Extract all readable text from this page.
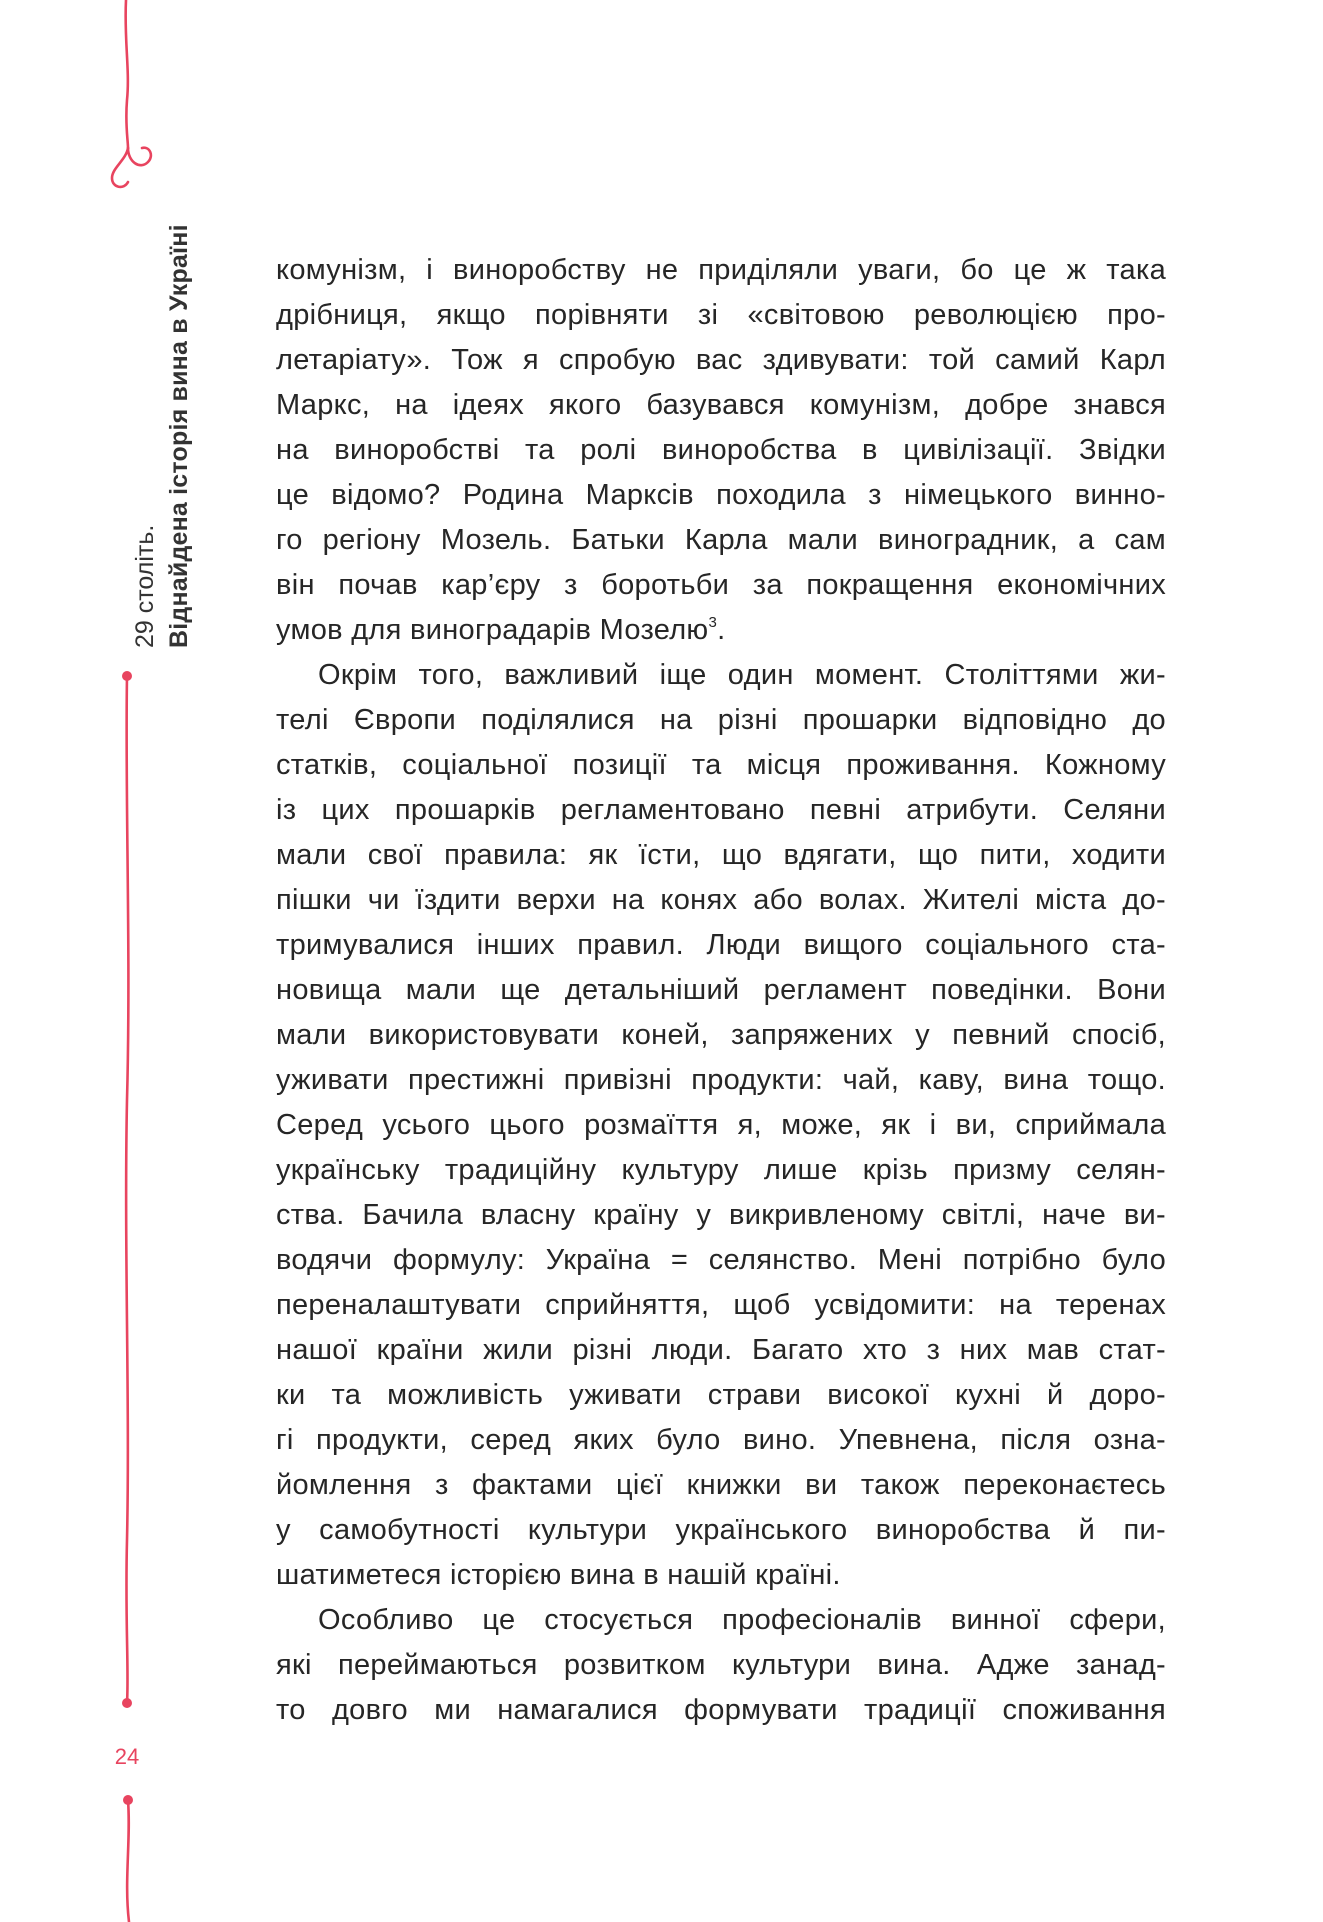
29 століть. Віднайдена історія вина в Україні
24
комунізм, і виноробству не приділяли уваги, бо це ж така
дрібниця, якщо порівняти зі «світовою революцією про-
летаріату». Тож я спробую вас здивувати: той самий Карл
Маркс, на ідеях якого базувався комунізм, добре знався
на виноробстві та ролі виноробства в цивілізації. Звідки
це відомо? Родина Марксів походила з німецького винно-
го регіону Мозель. Батьки Карла мали виноградник, а сам
він почав кар’єру з боротьби за покращення економічних
умов для виноградарів Мозелю$^3$.
Окрім того, важливий іще один момент. Століттями жи-
телі Європи поділялися на різні прошарки відповідно до
статків, соціальної позиції та місця проживання. Кожному
із цих прошарків регламентовано певні атрибути. Селяни
мали свої правила: як їсти, що вдягати, що пити, ходити
пішки чи їздити верхи на конях або волах. Жителі міста до-
тримувалися інших правил. Люди вищого соціального ста-
новища мали ще детальніший регламент поведінки. Вони
мали використовувати коней, запряжених у певний спосіб,
уживати престижні привізні продукти: чай, каву, вина тощо.
Серед усього цього розмаїття я, може, як і ви, сприймала
українську традиційну культуру лише крізь призму селян-
ства. Бачила власну країну у викривленому світлі, наче ви-
водячи формулу: Україна = селянство. Мені потрібно було
переналаштувати сприйняття, щоб усвідомити: на теренах
нашої країни жили різні люди. Багато хто з них мав стат-
ки та можливість уживати страви високої кухні й доро-
гі продукти, серед яких було вино. Упевнена, після озна-
йомлення з фактами цієї книжки ви також переконаєтесь
у самобутності культури українського виноробства й пи-
шатиметеся історією вина в нашій країні.
Особливо це стосується професіоналів винної сфери,
які переймаються розвитком культури вина. Адже занад-
то довго ми намагалися формувати традиції споживання
